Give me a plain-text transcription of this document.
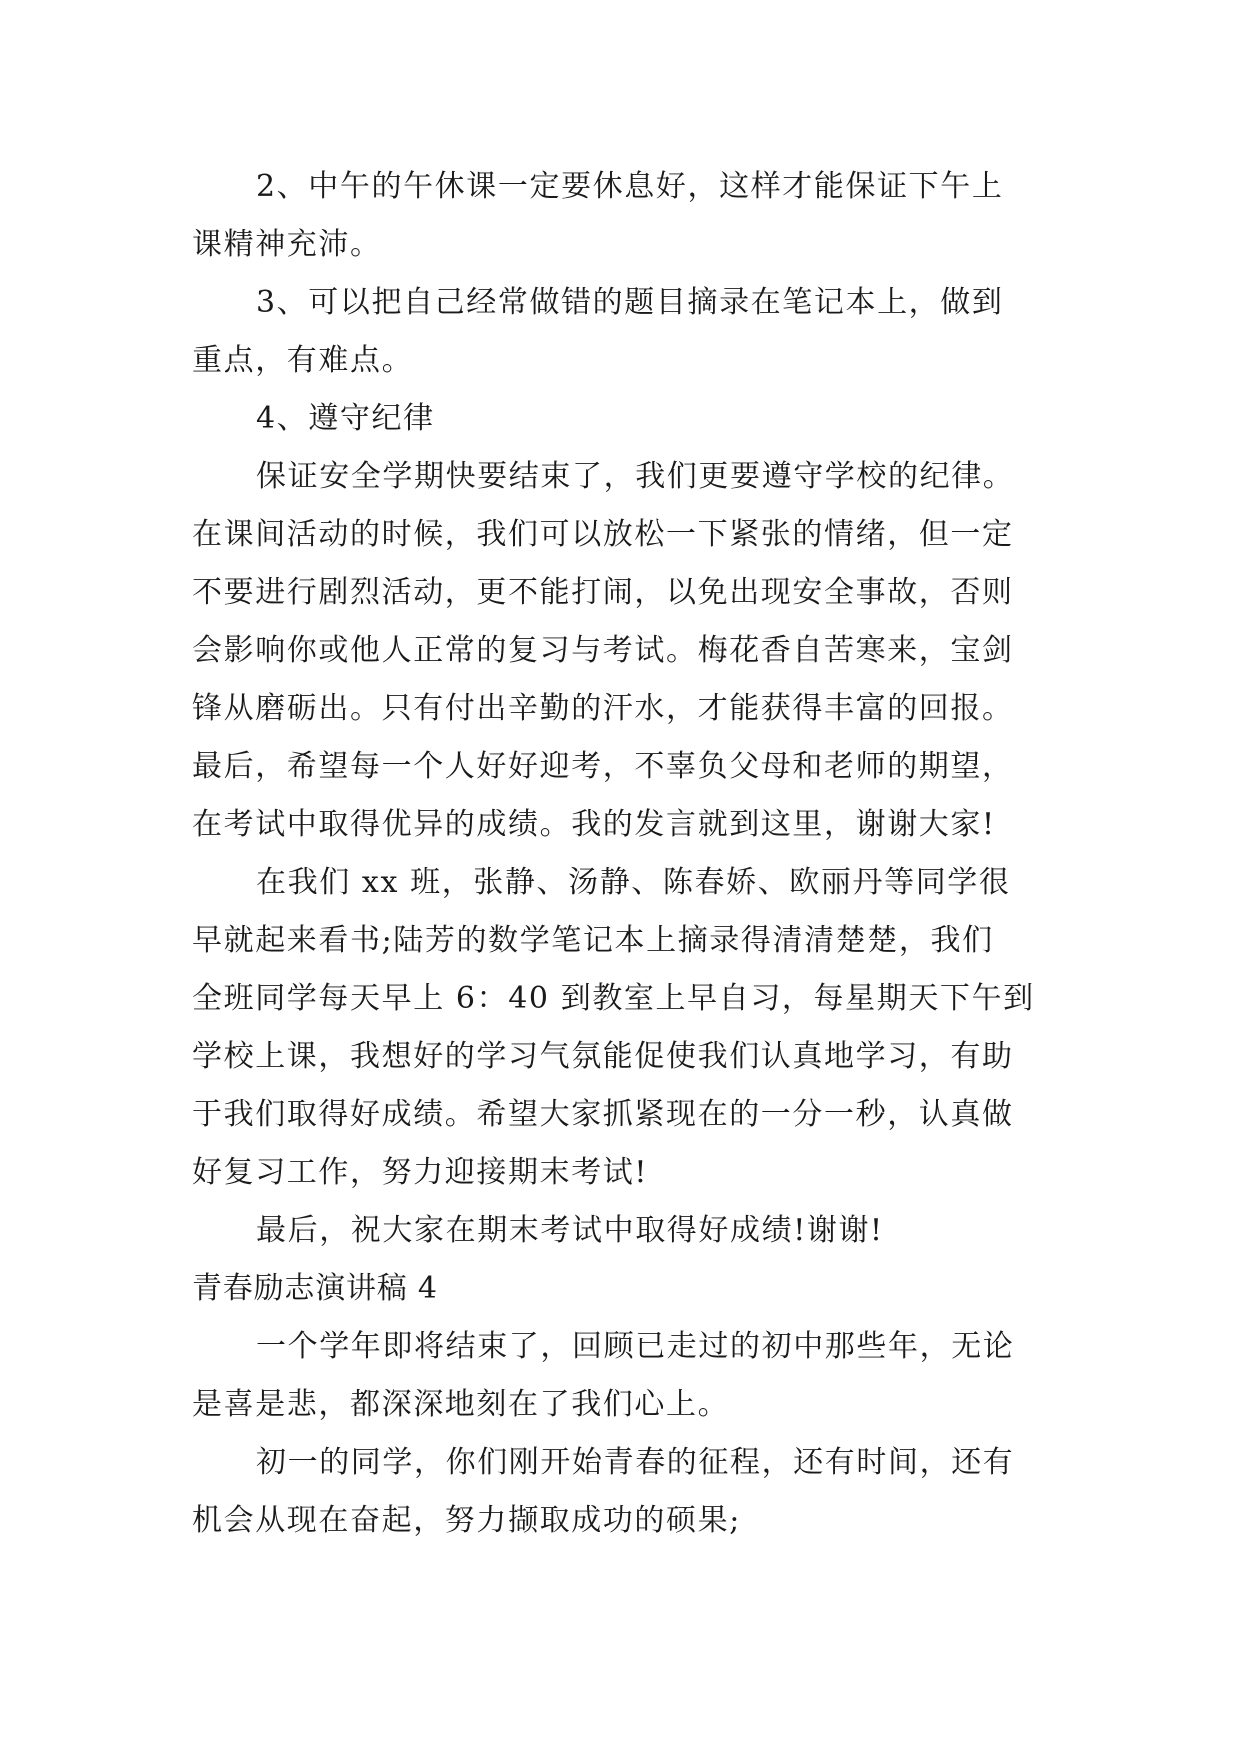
2、中午的午休课一定要休息好，这样才能保证下午上
课精神充沛。
3、可以把自己经常做错的题目摘录在笔记本上，做到
重点，有难点。
4、遵守纪律
保证安全学期快要结束了，我们更要遵守学校的纪律。
在课间活动的时候，我们可以放松一下紧张的情绪，但一定
不要进行剧烈活动，更不能打闹，以免出现安全事故，否则
会影响你或他人正常的复习与考试。梅花香自苦寒来，宝剑
锋从磨砺出。只有付出辛勤的汗水，才能获得丰富的回报。
最后，希望每一个人好好迎考，不辜负父母和老师的期望，
在考试中取得优异的成绩。我的发言就到这里，谢谢大家!
在我们 xx 班，张静、汤静、陈春娇、欧丽丹等同学很
早就起来看书;陆芳的数学笔记本上摘录得清清楚楚，我们
全班同学每天早上 6：40 到教室上早自习，每星期天下午到
学校上课，我想好的学习气氛能促使我们认真地学习，有助
于我们取得好成绩。希望大家抓紧现在的一分一秒，认真做
好复习工作，努力迎接期末考试!
最后，祝大家在期末考试中取得好成绩!谢谢!
青春励志演讲稿 4
一个学年即将结束了，回顾已走过的初中那些年，无论
是喜是悲，都深深地刻在了我们心上。
初一的同学，你们刚开始青春的征程，还有时间，还有
机会从现在奋起，努力撷取成功的硕果;
